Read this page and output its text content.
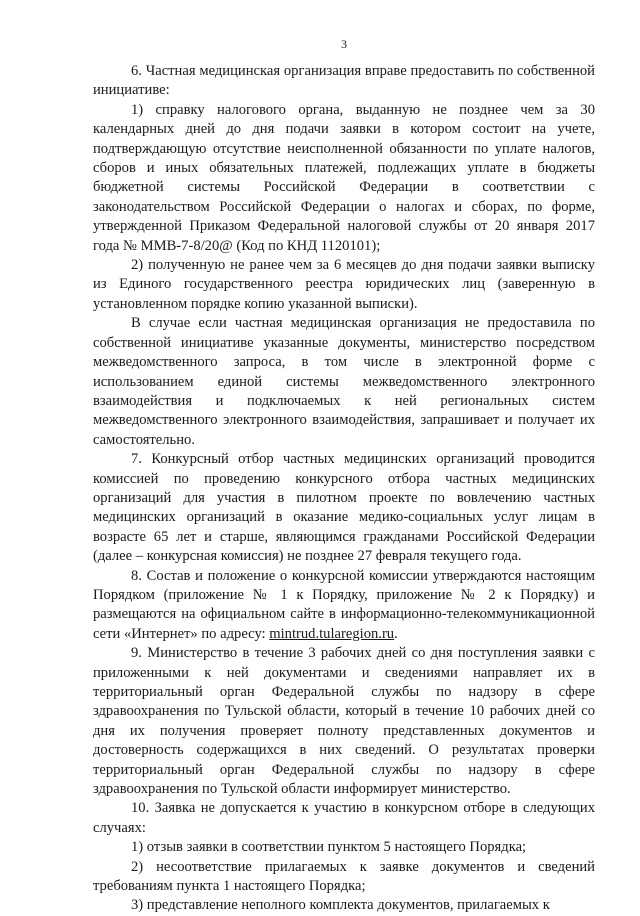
3

6. Частная медицинская организация вправе предоставить по собственной инициативе:

1) справку налогового органа, выданную не позднее чем за 30 календарных дней до дня подачи заявки в котором состоит на учете, подтверждающую отсутствие неисполненной обязанности по уплате налогов, сборов и иных обязательных платежей, подлежащих уплате в бюджеты бюджетной системы Российской Федерации в соответствии с законодательством Российской Федерации о налогах и сборах, по форме, утвержденной Приказом Федеральной налоговой службы от 20 января 2017 года № ММВ-7-8/20@ (Код по КНД 1120101);

2) полученную не ранее чем за 6 месяцев до дня подачи заявки выписку из Единого государственного реестра юридических лиц (заверенную в установленном порядке копию указанной выписки).

В случае если частная медицинская организация не предоставила по собственной инициативе указанные документы, министерство посредством межведомственного запроса, в том числе в электронной форме с использованием единой системы межведомственного электронного взаимодействия и подключаемых к ней региональных систем межведомственного электронного взаимодействия, запрашивает и получает их самостоятельно.

7. Конкурсный отбор частных медицинских организаций проводится комиссией по проведению конкурсного отбора частных медицинских организаций для участия в пилотном проекте по вовлечению частных медицинских организаций в оказание медико-социальных услуг лицам в возрасте 65 лет и старше, являющимся гражданами Российской Федерации (далее – конкурсная комиссия) не позднее 27 февраля текущего года.

8. Состав и положение о конкурсной комиссии утверждаются настоящим Порядком (приложение № 1 к Порядку, приложение № 2 к Порядку) и размещаются на официальном сайте в информационно-телекоммуникационной сети «Интернет» по адресу: mintrud.tularegion.ru.

9. Министерство в течение 3 рабочих дней со дня поступления заявки с приложенными к ней документами и сведениями направляет их в территориальный орган Федеральной службы по надзору в сфере здравоохранения по Тульской области, который в течение 10 рабочих дней со дня их получения проверяет полноту представленных документов и достоверность содержащихся в них сведений. О результатах проверки территориальный орган Федеральной службы по надзору в сфере здравоохранения по Тульской области информирует министерство.

10. Заявка не допускается к участию в конкурсном отборе в следующих случаях:

1) отзыв заявки в соответствии пунктом 5 настоящего Порядка;

2) несоответствие прилагаемых к заявке документов и сведений требованиям пункта 1 настоящего Порядка;

3) представление неполного комплекта документов, прилагаемых к
